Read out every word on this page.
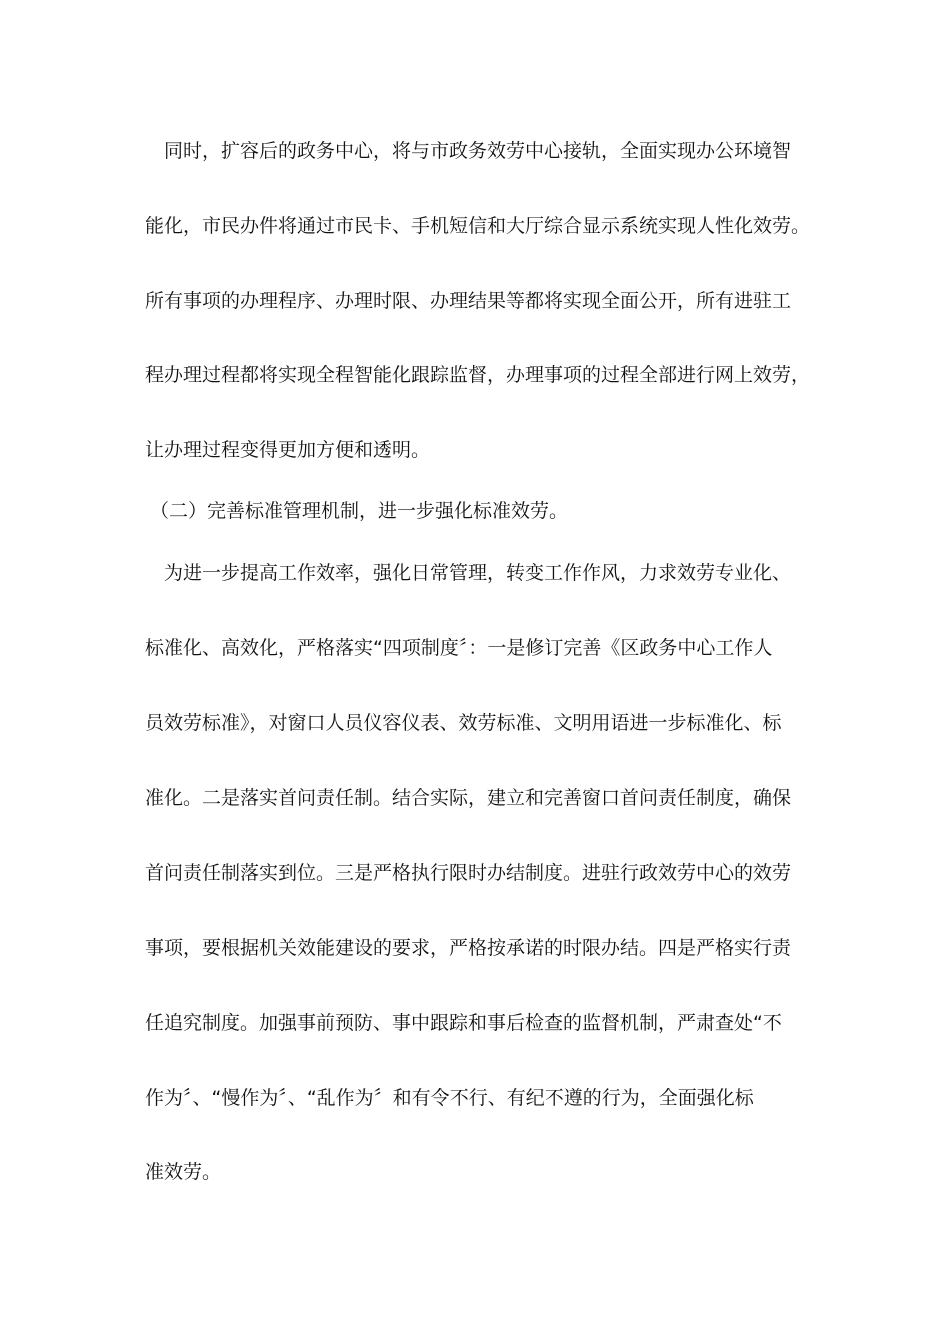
同时，扩容后的政务中心，将与市政务效劳中心接轨，全面实现办公环境智
能化，市民办件将通过市民卡、手机短信和大厅综合显示系统实现人性化效劳。
所有事项的办理程序、办理时限、办理结果等都将实现全面公开，所有进驻工
程办理过程都将实现全程智能化跟踪监督，办理事项的过程全部进行网上效劳，
让办理过程变得更加方便和透明。
（二）完善标准管理机制，进一步强化标准效劳。
为进一步提高工作效率，强化日常管理，转变工作作风，力求效劳专业化、
标准化、高效化，严格落实“四项制度〞：一是修订完善《区政务中心工作人
员效劳标准》，对窗口人员仪容仪表、效劳标准、文明用语进一步标准化、标
准化。二是落实首问责任制。结合实际，建立和完善窗口首问责任制度，确保
首问责任制落实到位。三是严格执行限时办结制度。进驻行政效劳中心的效劳
事项，要根据机关效能建设的要求，严格按承诺的时限办结。四是严格实行责
任追究制度。加强事前预防、事中跟踪和事后检查的监督机制，严肃查处“不
作为〞、“慢作为〞、“乱作为〞和有令不行、有纪不遵的行为，全面强化标
准效劳。
